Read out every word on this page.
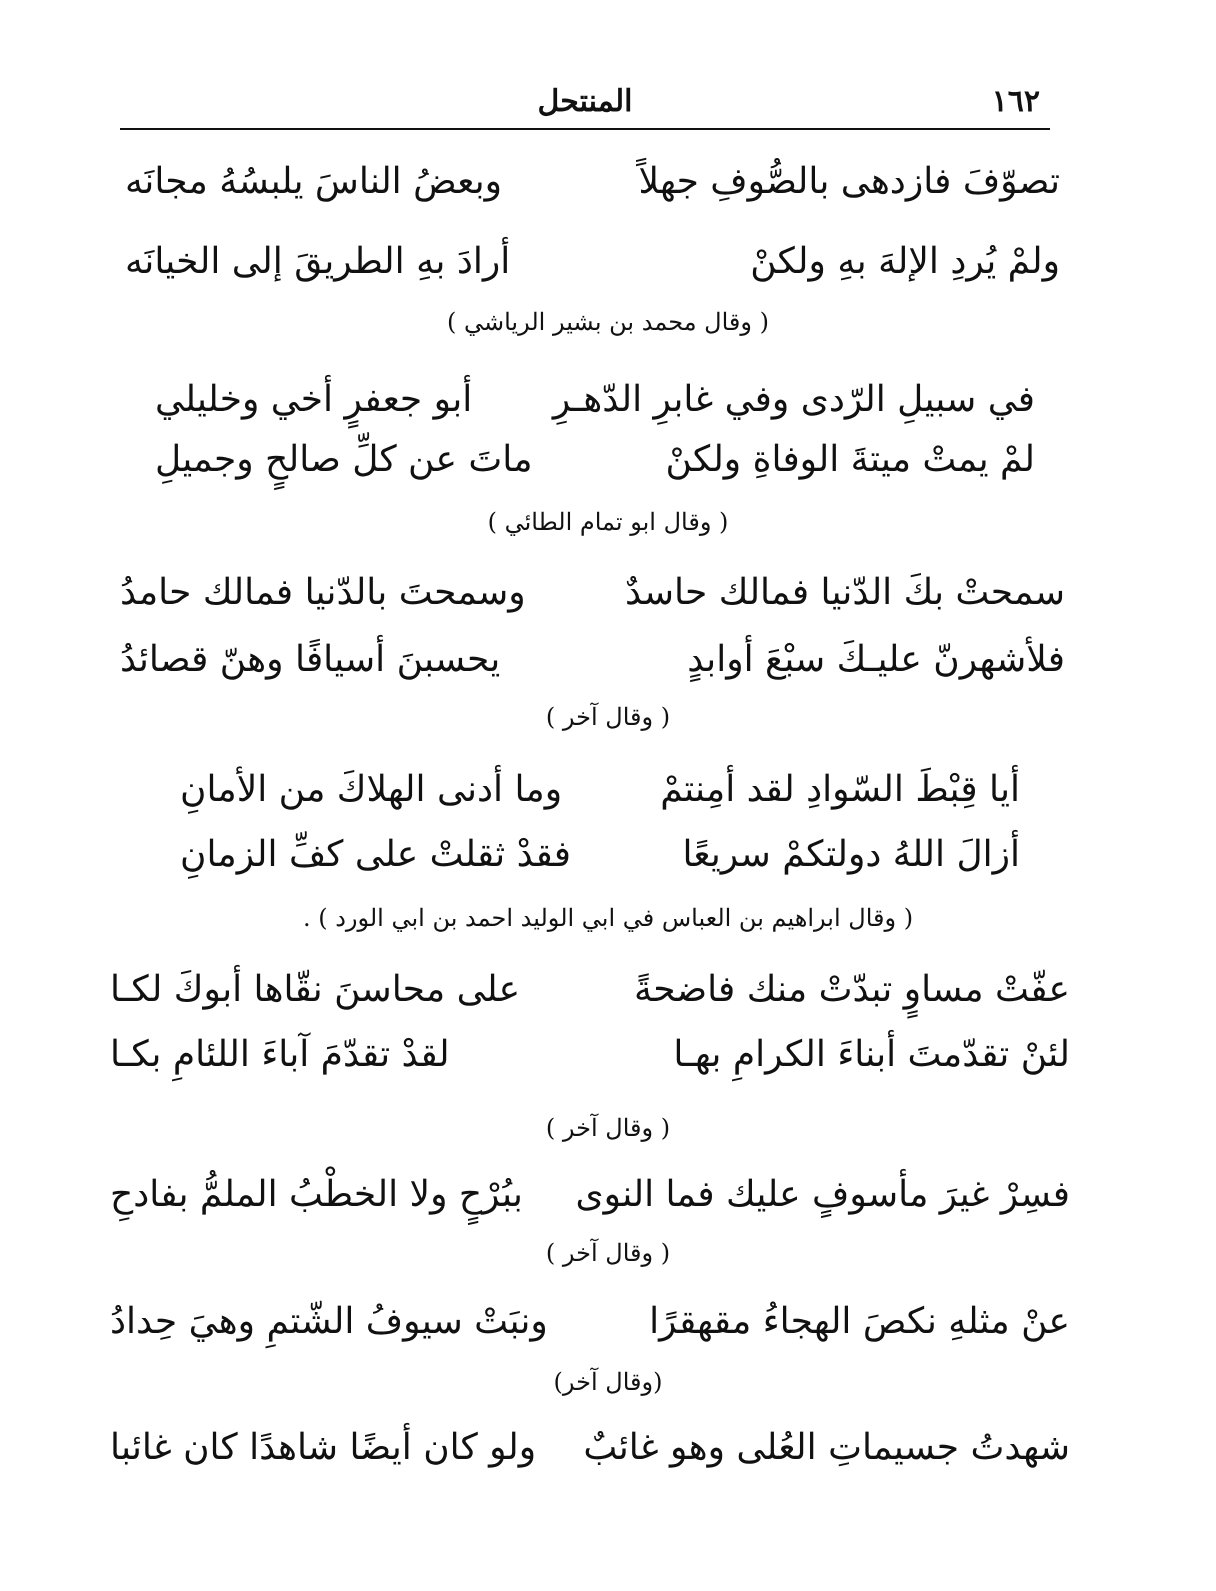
١٦٢
المنتحل
تصوّفَ فازدهى بالصُّوفِ جهلاً
وبعضُ الناسَ يلبسُهُ مجانَه
ولمْ يُردِ الإلهَ بهِ ولكنْ
أرادَ بهِ الطريقَ إلى الخيانَه
( وقال محمد بن بشير الرياشي )
في سبيلِ الرّدى وفي غابرِ الدّهـرِ
أبو جعفرٍ أخي وخليلي
لمْ يمتْ ميتةَ الوفاةِ ولكنْ
ماتَ عن كلِّ صالحٍ وجميلِ
( وقال ابو تمام الطائي )
سمحتْ بكَ الدّنيا فمالك حاسدٌ
وسمحتَ بالدّنيا فمالك حامدُ
فلأشهرنّ عليـكَ سبْعَ أوابدٍ
يحسبنَ أسيافًا وهنّ قصائدُ
( وقال آخر )
أيا قِبْطَ السّوادِ لقد أمِنتمْ
وما أدنى الهلاكَ من الأمانِ
أزالَ اللهُ دولتكمْ سريعًا
فقدْ ثقلتْ على كفِّ الزمانِ
( وقال ابراهيم بن العباس في ابي الوليد احمد بن ابي الورد ) .
عفّتْ مساوٍ تبدّتْ منك فاضحةً
على محاسنَ نقّاها أبوكَ لكـا
لئنْ تقدّمتَ أبناءَ الكرامِ بهـا
لقدْ تقدّمَ آباءَ اللئامِ بكـا
( وقال آخر )
فسِرْ غيرَ مأسوفٍ عليك فما النوى
ببُرْحٍ ولا الخطْبُ الملمُّ بفادحِ
( وقال آخر )
عنْ مثلهِ نكصَ الهجاءُ مقهقرًا
ونبَتْ سيوفُ الشّتمِ وهيَ حِدادُ
(وقال آخر)
شهدتُ جسيماتِ العُلى وهو غائبٌ
ولو كان أيضًا شاهدًا كان غائبا
